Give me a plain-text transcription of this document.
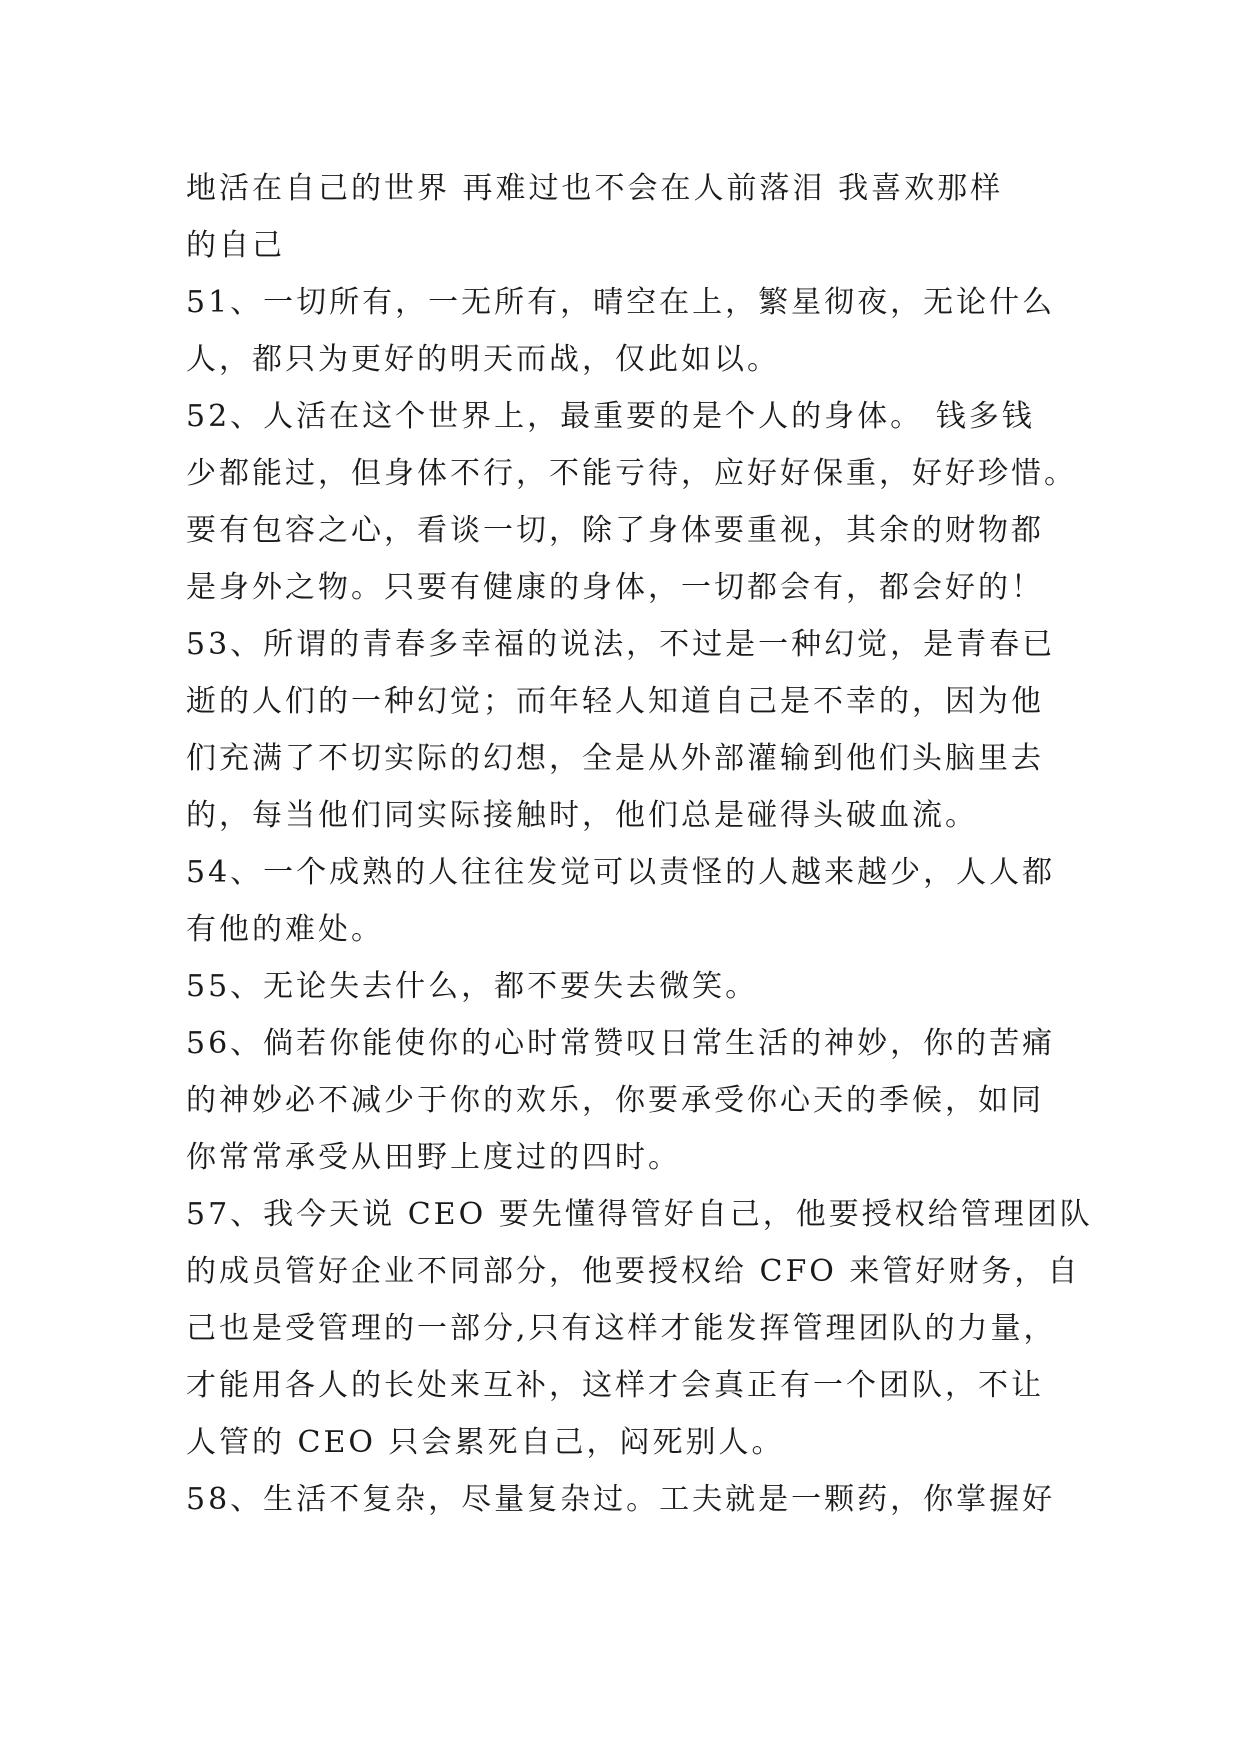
地活在自己的世界 再难过也不会在人前落泪 我喜欢那样
的自己
51、一切所有，一无所有，晴空在上，繁星彻夜，无论什么
人，都只为更好的明天而战，仅此如以。
52、人活在这个世界上，最重要的是个人的身体。 钱多钱
少都能过，但身体不行，不能亏待，应好好保重，好好珍惜。
要有包容之心，看谈一切，除了身体要重视，其余的财物都
是身外之物。只要有健康的身体，一切都会有，都会好的！
53、所谓的青春多幸福的说法，不过是一种幻觉，是青春已
逝的人们的一种幻觉；而年轻人知道自己是不幸的，因为他
们充满了不切实际的幻想，全是从外部灌输到他们头脑里去
的，每当他们同实际接触时，他们总是碰得头破血流。
54、一个成熟的人往往发觉可以责怪的人越来越少，人人都
有他的难处。
55、无论失去什么，都不要失去微笑。
56、倘若你能使你的心时常赞叹日常生活的神妙，你的苦痛
的神妙必不减少于你的欢乐，你要承受你心天的季候，如同
你常常承受从田野上度过的四时。
57、我今天说 CEO 要先懂得管好自己，他要授权给管理团队
的成员管好企业不同部分，他要授权给 CFO 来管好财务，自
己也是受管理的一部分,只有这样才能发挥管理团队的力量，
才能用各人的长处来互补，这样才会真正有一个团队，不让
人管的 CEO 只会累死自己，闷死别人。
58、生活不复杂，尽量复杂过。工夫就是一颗药，你掌握好
